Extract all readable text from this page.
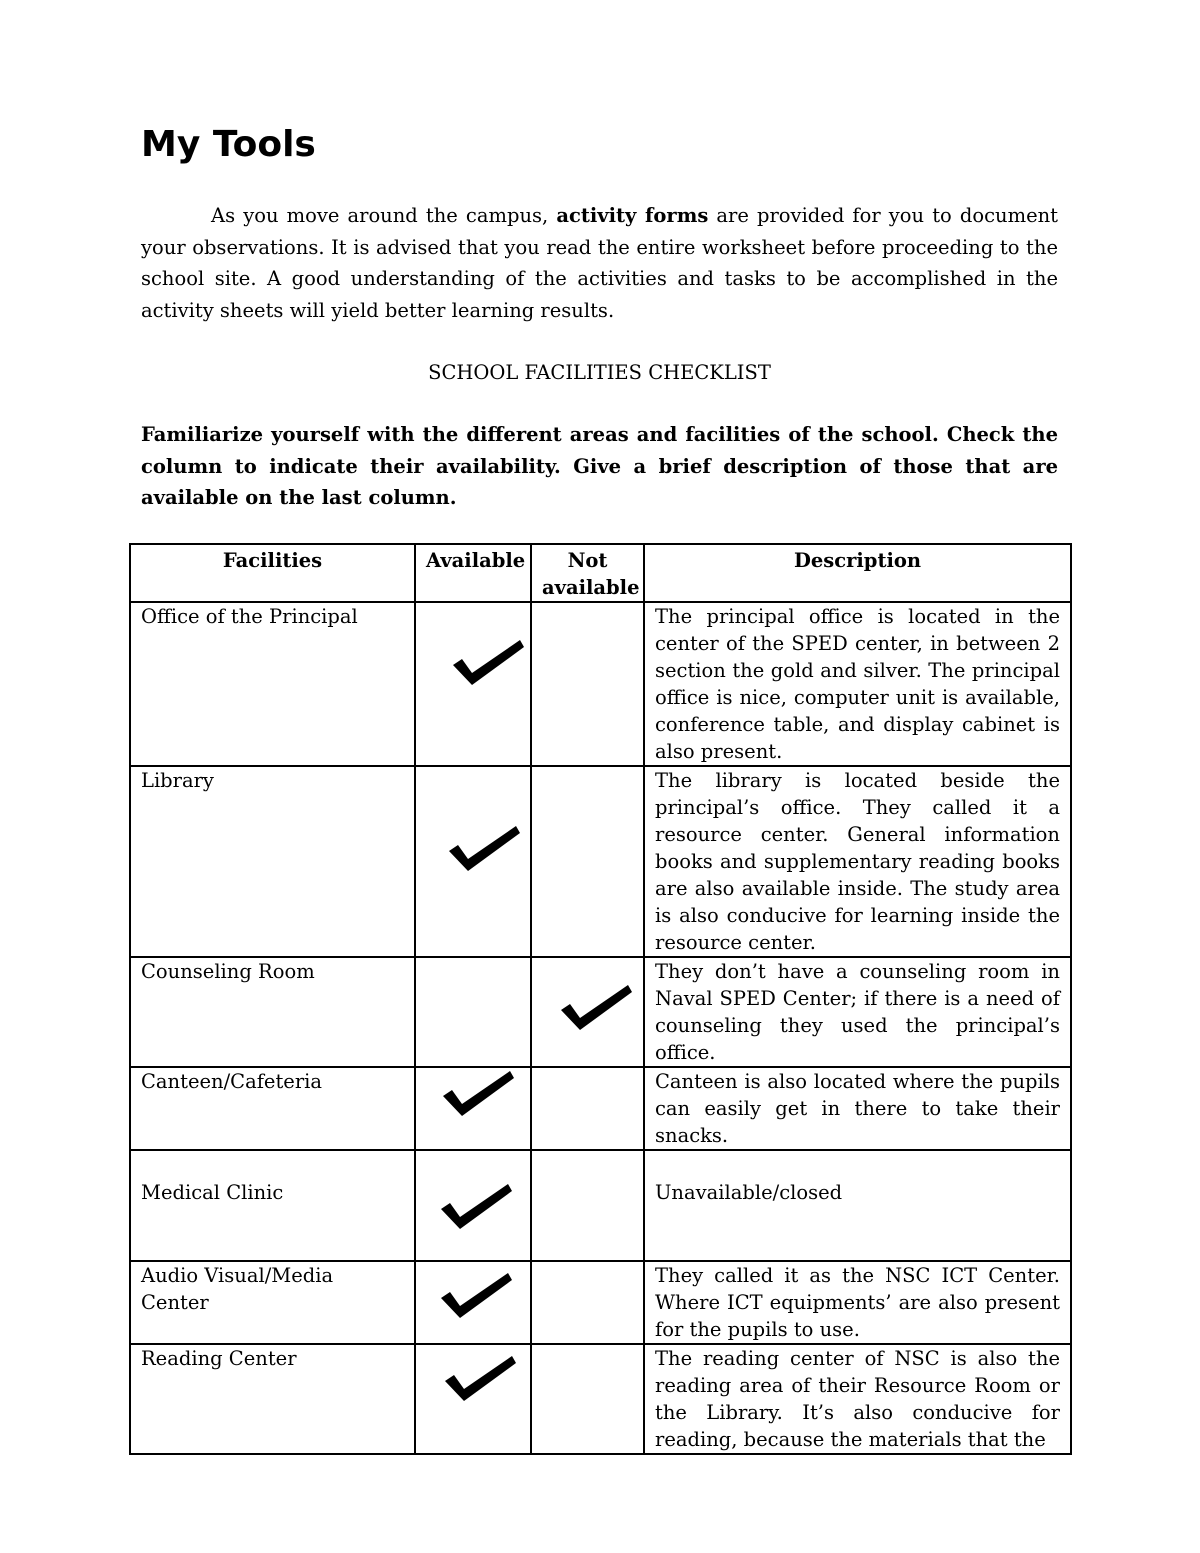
My Tools

As you move around the campus, activity forms are provided for you to document your observations. It is advised that you read the entire worksheet before proceeding to the school site. A good understanding of the activities and tasks to be accomplished in the activity sheets will yield better learning results.

SCHOOL FACILITIES CHECKLIST

Familiarize yourself with the different areas and facilities of the school. Check the column to indicate their availability. Give a brief description of those that are available on the last column.

Facilities	Available	Not available	Description
Office of the Principal			The principal office is located in the center of the SPED center, in between 2 section the gold and silver. The principal office is nice, computer unit is available, conference table, and display cabinet is also present.
Library			The library is located beside the principal’s office. They called it a resource center. General information books and supplementary reading books are also available inside. The study area is also conducive for learning inside the resource center.
Counseling Room			They don’t have a counseling room in Naval SPED Center; if there is a need of counseling they used the principal’s office.
Canteen/Cafeteria			Canteen is also located where the pupils can easily get in there to take their snacks.
Medical Clinic			Unavailable/closed
Audio Visual/Media Center			They called it as the NSC ICT Center. Where ICT equipments’ are also present for the pupils to use.
Reading Center			The reading center of NSC is also the reading area of their Resource Room or the Library. It’s also conducive for reading, because the materials that the
